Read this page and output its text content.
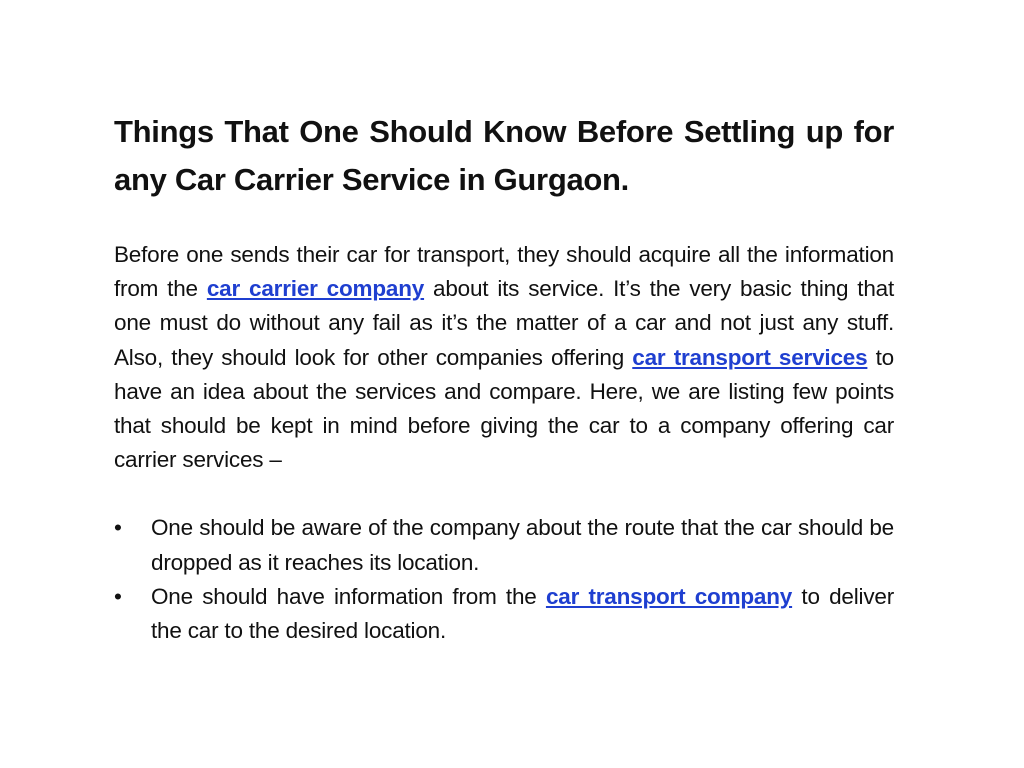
Things That One Should Know Before Settling up for any Car Carrier Service in Gurgaon.

Before one sends their car for transport, they should acquire all the information from the car carrier company about its service. It’s the very basic thing that one must do without any fail as it’s the matter of a car and not just any stuff. Also, they should look for other companies offering car transport services to have an idea about the services and compare. Here, we are listing few points that should be kept in mind before giving the car to a company offering car carrier services –

• One should be aware of the company about the route that the car should be dropped as it reaches its location.
• One should have information from the car transport company to deliver the car to the desired location.
